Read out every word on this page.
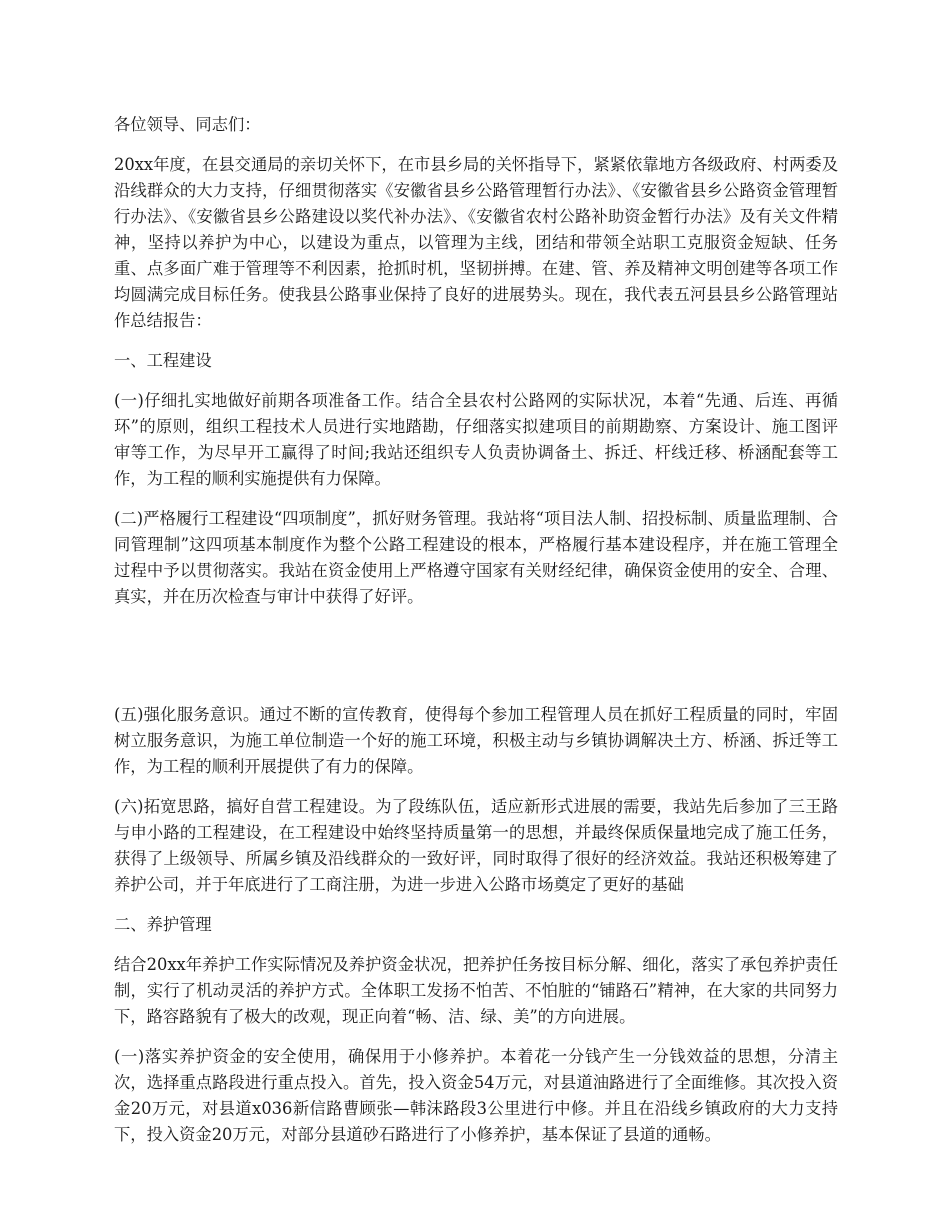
各位领导、同志们：

20xx年度，在县交通局的亲切关怀下，在市县乡局的关怀指导下，紧紧依靠地方各级政府、村两委及沿线群众的大力支持，仔细贯彻落实《安徽省县乡公路管理暂行办法》、《安徽省县乡公路资金管理暂行办法》、《安徽省县乡公路建设以奖代补办法》、《安徽省农村公路补助资金暂行办法》及有关文件精神，坚持以养护为中心，以建设为重点，以管理为主线，团结和带领全站职工克服资金短缺、任务重、点多面广难于管理等不利因素，抢抓时机，坚韧拼搏。在建、管、养及精神文明创建等各项工作均圆满完成目标任务。使我县公路事业保持了良好的进展势头。现在，我代表五河县县乡公路管理站作总结报告：

一、工程建设

(一)仔细扎实地做好前期各项准备工作。结合全县农村公路网的实际状况，本着“先通、后连、再循环”的原则，组织工程技术人员进行实地踏勘，仔细落实拟建项目的前期勘察、方案设计、施工图评审等工作，为尽早开工赢得了时间;我站还组织专人负责协调备土、拆迁、杆线迁移、桥涵配套等工作，为工程的顺利实施提供有力保障。

(二)严格履行工程建设“四项制度”，抓好财务管理。我站将“项目法人制、招投标制、质量监理制、合同管理制”这四项基本制度作为整个公路工程建设的根本，严格履行基本建设程序，并在施工管理全过程中予以贯彻落实。我站在资金使用上严格遵守国家有关财经纪律，确保资金使用的安全、合理、真实，并在历次检查与审计中获得了好评。

(五)强化服务意识。通过不断的宣传教育，使得每个参加工程管理人员在抓好工程质量的同时，牢固树立服务意识，为施工单位制造一个好的施工环境，积极主动与乡镇协调解决土方、桥涵、拆迁等工作，为工程的顺利开展提供了有力的保障。

(六)拓宽思路，搞好自营工程建设。为了段练队伍，适应新形式进展的需要，我站先后参加了三王路与申小路的工程建设，在工程建设中始终坚持质量第一的思想，并最终保质保量地完成了施工任务，获得了上级领导、所属乡镇及沿线群众的一致好评，同时取得了很好的经济效益。我站还积极筹建了养护公司，并于年底进行了工商注册，为进一步进入公路市场奠定了更好的基础

二、养护管理

结合20xx年养护工作实际情况及养护资金状况，把养护任务按目标分解、细化，落实了承包养护责任制，实行了机动灵活的养护方式。全体职工发扬不怕苦、不怕脏的“铺路石”精神，在大家的共同努力下，路容路貌有了极大的改观，现正向着“畅、洁、绿、美”的方向进展。

(一)落实养护资金的安全使用，确保用于小修养护。本着花一分钱产生一分钱效益的思想，分清主次，选择重点路段进行重点投入。首先，投入资金54万元，对县道油路进行了全面维修。其次投入资金20万元，对县道x036新信路曹顾张—韩沫路段3公里进行中修。并且在沿线乡镇政府的大力支持下，投入资金20万元，对部分县道砂石路进行了小修养护，基本保证了县道的通畅。
